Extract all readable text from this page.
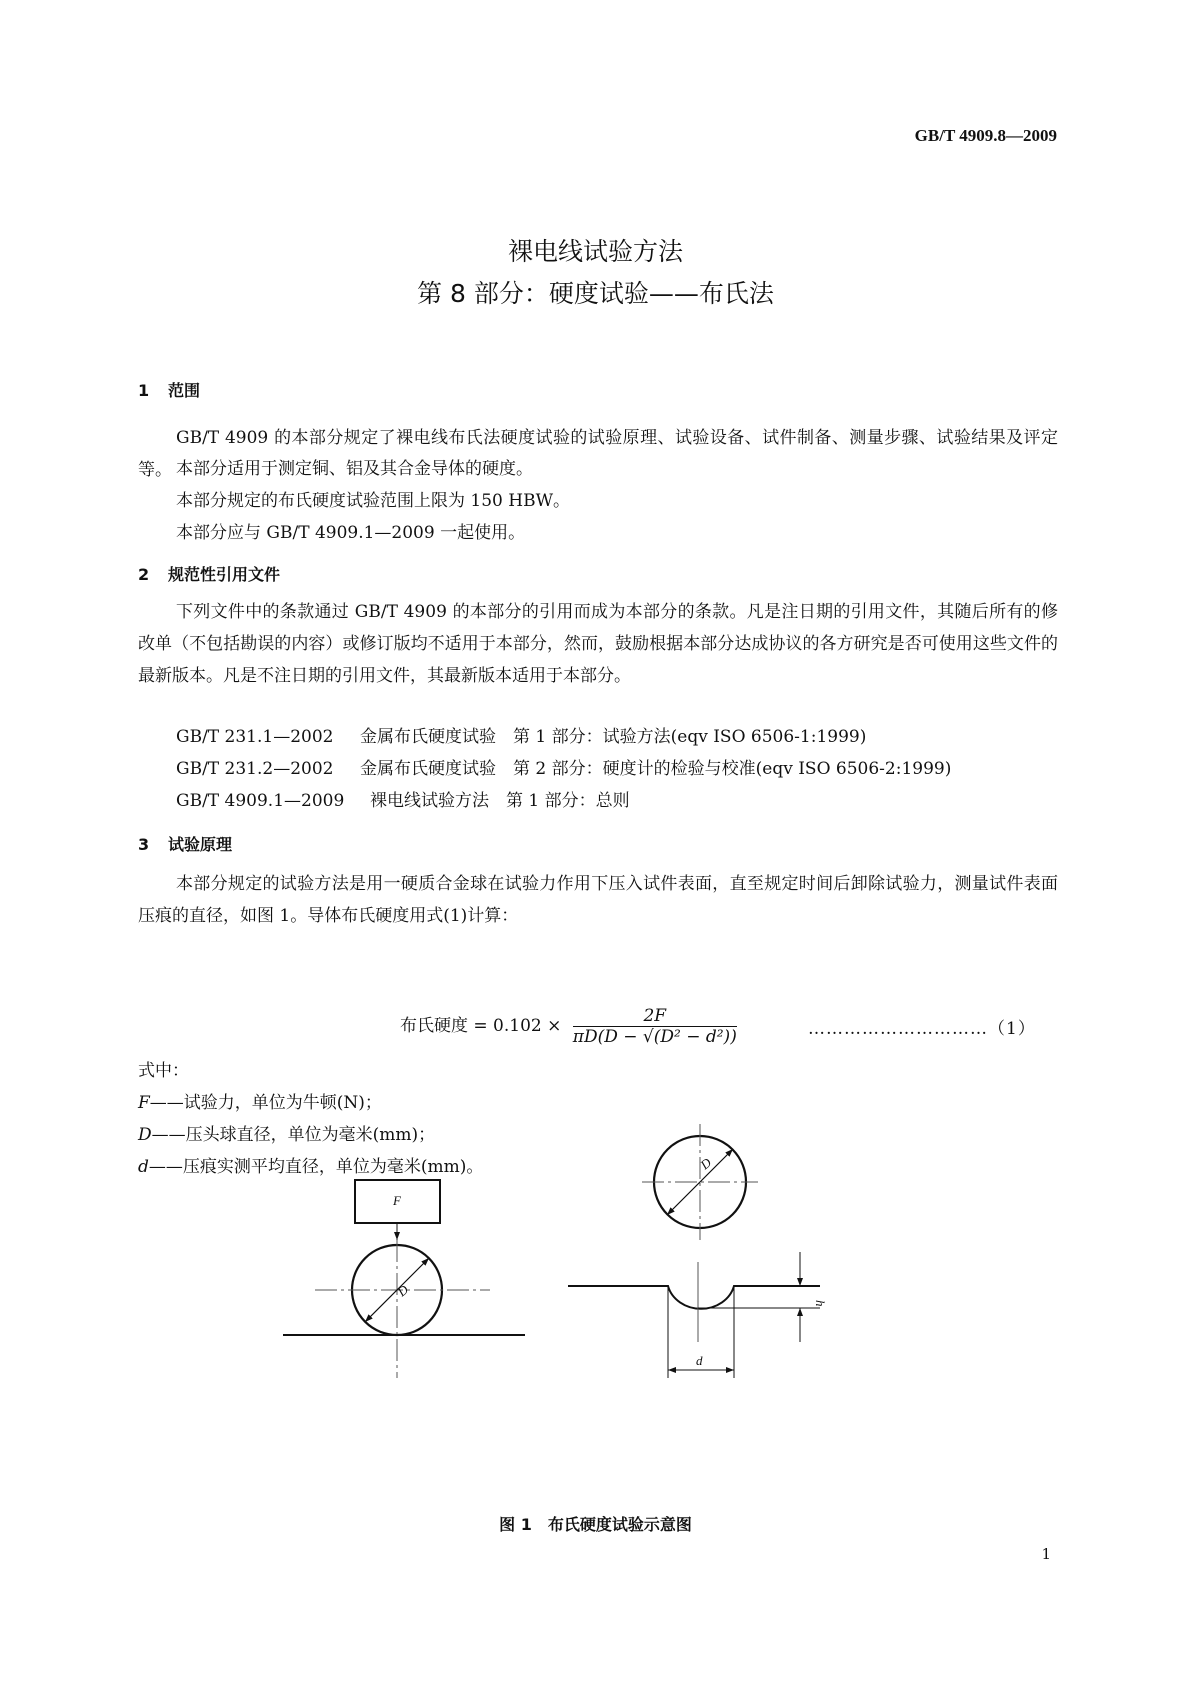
GB/T 4909.8—2009
裸电线试验方法
第 8 部分：硬度试验——布氏法
1 范围
GB/T 4909 的本部分规定了裸电线布氏法硬度试验的试验原理、试验设备、试件制备、测量步骤、试验结果及评定等。 本部分适用于测定铜、铝及其合金导体的硬度。
本部分规定的布氏硬度试验范围上限为 150 HBW。
本部分应与 GB/T 4909.1—2009 一起使用。
2 规范性引用文件
下列文件中的条款通过 GB/T 4909 的本部分的引用而成为本部分的条款。凡是注日期的引用文件，其随后所有的修改单（不包括勘误的内容）或修订版均不适用于本部分，然而，鼓励根据本部分达成协议的各方研究是否可使用这些文件的最新版本。凡是不注日期的引用文件，其最新版本适用于本部分。
GB/T 231.1—2002 金属布氏硬度试验　第 1 部分：试验方法(eqv ISO 6506-1:1999)
GB/T 231.2—2002 金属布氏硬度试验　第 2 部分：硬度计的检验与校准(eqv ISO 6506-2:1999)
GB/T 4909.1—2009 裸电线试验方法　第 1 部分：总则
3 试验原理
本部分规定的试验方法是用一硬质合金球在试验力作用下压入试件表面，直至规定时间后卸除试验力，测量试件表面压痕的直径，如图 1。导体布氏硬度用式(1)计算：
布氏硬度 = $0.102 \times \frac{2F}{\text{πD(D − √(D² − d²))}}$	…………………………（1）
式中：
F——试验力，单位为牛顿(N)；
D——压头球直径，单位为毫米(mm)；
d——压痕实测平均直径，单位为毫米(mm)。
F
D
D
d
h
图 1　布氏硬度试验示意图
1
